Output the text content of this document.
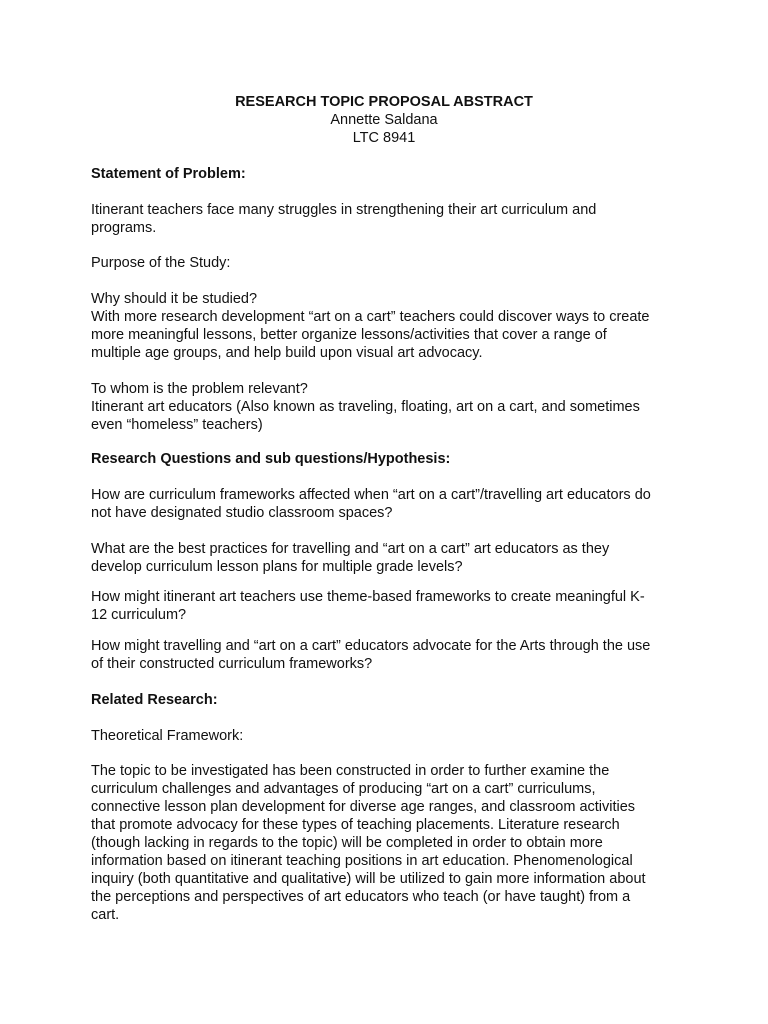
RESEARCH TOPIC PROPOSAL ABSTRACT
Annette Saldana
LTC 8941
Statement of Problem:
Itinerant teachers face many struggles in strengthening their art curriculum and
programs.
Purpose of the Study:
Why should it be studied?
With more research development “art on a cart” teachers could discover ways to create
more meaningful lessons, better organize lessons/activities that cover a range of
multiple age groups, and help build upon visual art advocacy.
To whom is the problem relevant?
Itinerant art educators (Also known as traveling, floating, art on a cart, and sometimes
even “homeless” teachers)
Research Questions and sub questions/Hypothesis:
How are curriculum frameworks affected when “art on a cart”/travelling art educators do
not have designated studio classroom spaces?
What are the best practices for travelling and “art on a cart” art educators as they
develop curriculum lesson plans for multiple grade levels?
How might itinerant art teachers use theme-based frameworks to create meaningful K-
12 curriculum?
How might travelling and “art on a cart” educators advocate for the Arts through the use
of their constructed curriculum frameworks?
Related Research:
Theoretical Framework:
The topic to be investigated has been constructed in order to further examine the
curriculum challenges and advantages of producing “art on a cart” curriculums,
connective lesson plan development for diverse age ranges, and classroom activities
that promote advocacy for these types of teaching placements. Literature research
(though lacking in regards to the topic) will be completed in order to obtain more
information based on itinerant teaching positions in art education. Phenomenological
inquiry (both quantitative and qualitative) will be utilized to gain more information about
the perceptions and perspectives of art educators who teach (or have taught) from a
cart.
